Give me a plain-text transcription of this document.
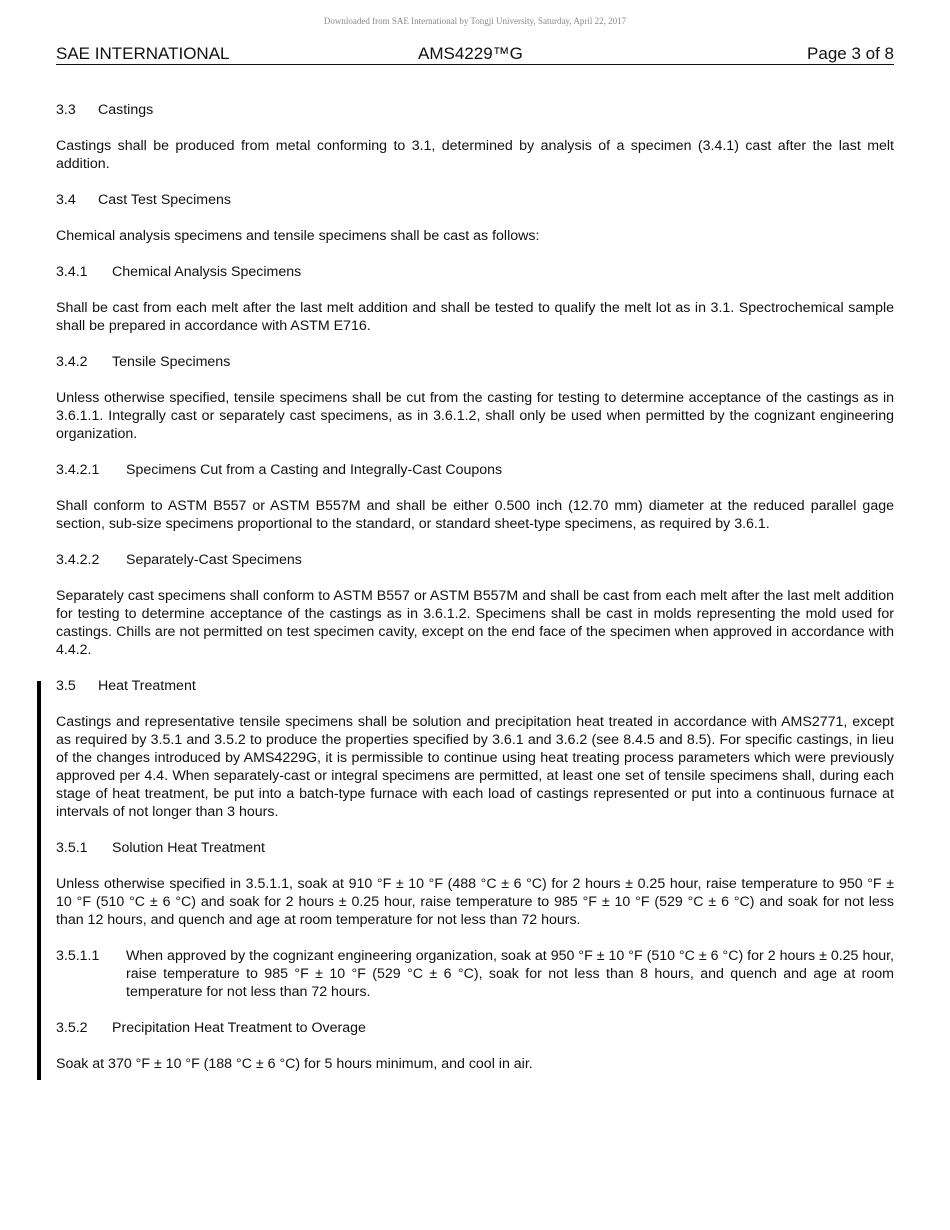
Downloaded from SAE International by Tongji University, Saturday, April 22, 2017
SAE INTERNATIONAL	AMS4229™G	Page 3 of 8
3.3 Castings

Castings shall be produced from metal conforming to 3.1, determined by analysis of a specimen (3.4.1) cast after the last melt addition.

3.4 Cast Test Specimens

Chemical analysis specimens and tensile specimens shall be cast as follows:

3.4.1 Chemical Analysis Specimens

Shall be cast from each melt after the last melt addition and shall be tested to qualify the melt lot as in 3.1. Spectrochemical sample shall be prepared in accordance with ASTM E716.

3.4.2 Tensile Specimens

Unless otherwise specified, tensile specimens shall be cut from the casting for testing to determine acceptance of the castings as in 3.6.1.1. Integrally cast or separately cast specimens, as in 3.6.1.2, shall only be used when permitted by the cognizant engineering organization.

3.4.2.1 Specimens Cut from a Casting and Integrally-Cast Coupons

Shall conform to ASTM B557 or ASTM B557M and shall be either 0.500 inch (12.70 mm) diameter at the reduced parallel gage section, sub-size specimens proportional to the standard, or standard sheet-type specimens, as required by 3.6.1.

3.4.2.2 Separately-Cast Specimens

Separately cast specimens shall conform to ASTM B557 or ASTM B557M and shall be cast from each melt after the last melt addition for testing to determine acceptance of the castings as in 3.6.1.2. Specimens shall be cast in molds representing the mold used for castings. Chills are not permitted on test specimen cavity, except on the end face of the specimen when approved in accordance with 4.4.2.

3.5 Heat Treatment

Castings and representative tensile specimens shall be solution and precipitation heat treated in accordance with AMS2771, except as required by 3.5.1 and 3.5.2 to produce the properties specified by 3.6.1 and 3.6.2 (see 8.4.5 and 8.5). For specific castings, in lieu of the changes introduced by AMS4229G, it is permissible to continue using heat treating process parameters which were previously approved per 4.4. When separately-cast or integral specimens are permitted, at least one set of tensile specimens shall, during each stage of heat treatment, be put into a batch-type furnace with each load of castings represented or put into a continuous furnace at intervals of not longer than 3 hours.

3.5.1 Solution Heat Treatment

Unless otherwise specified in 3.5.1.1, soak at 910 °F ± 10 °F (488 °C ± 6 °C) for 2 hours ± 0.25 hour, raise temperature to 950 °F ± 10 °F (510 °C ± 6 °C) and soak for 2 hours ± 0.25 hour, raise temperature to 985 °F ± 10 °F (529 °C ± 6 °C) and soak for not less than 12 hours, and quench and age at room temperature for not less than 72 hours.

3.5.1.1	When approved by the cognizant engineering organization, soak at 950 °F ± 10 °F (510 °C ± 6 °C) for 2 hours ± 0.25 hour, raise temperature to 985 °F ± 10 °F (529 °C ± 6 °C), soak for not less than 8 hours, and quench and age at room temperature for not less than 72 hours.
3.5.2 Precipitation Heat Treatment to Overage

Soak at 370 °F ± 10 °F (188 °C ± 6 °C) for 5 hours minimum, and cool in air.
